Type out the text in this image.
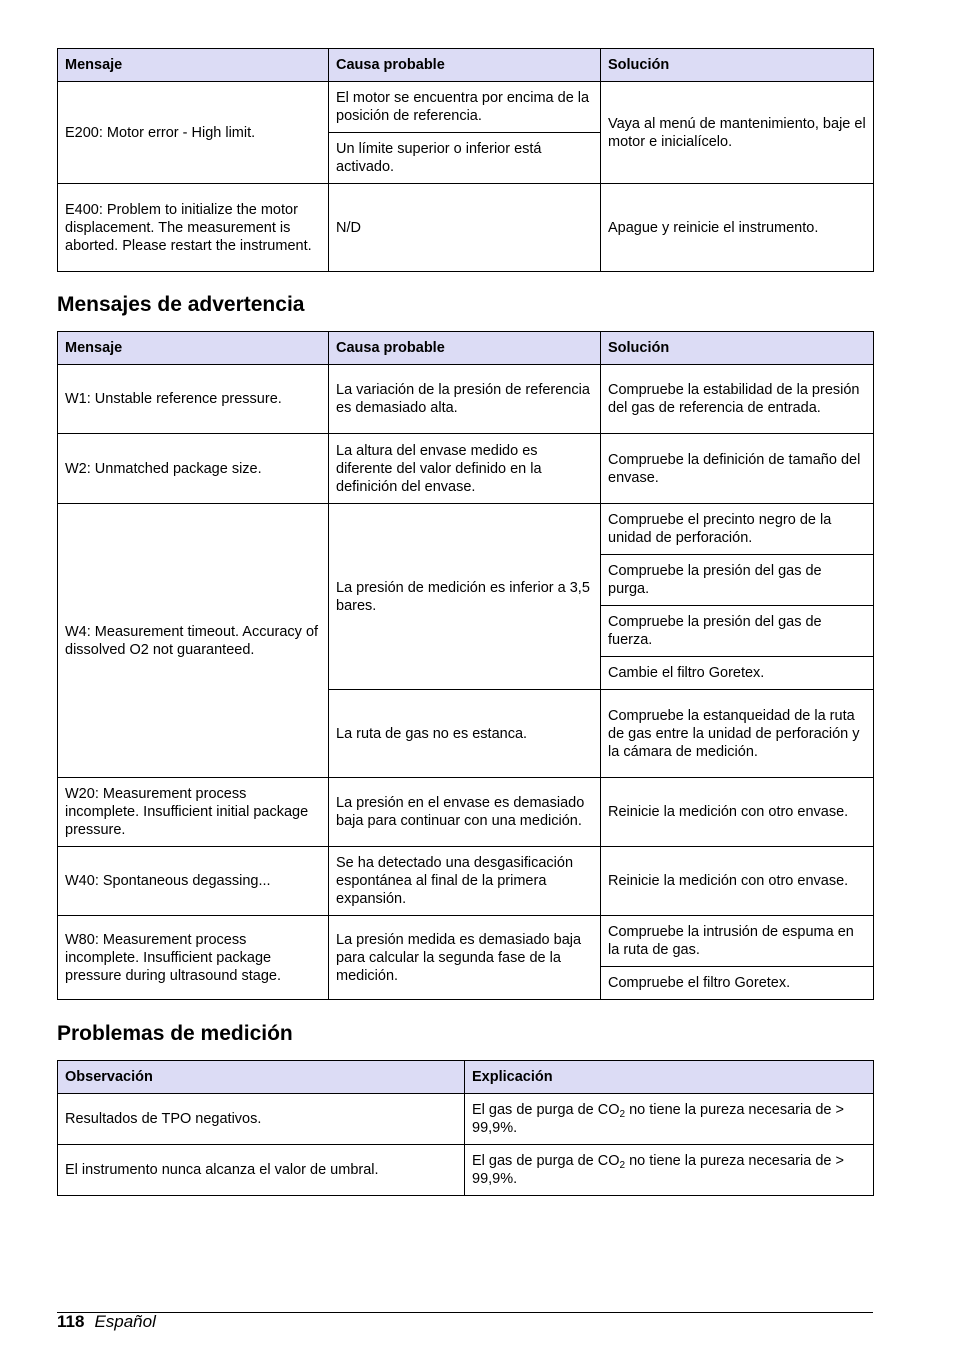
Mensaje	Causa probable	Solución
E200: Motor error - High limit.	El motor se encuentra por encima de la posición de referencia.	Vaya al menú de mantenimiento, baje el motor e inicialícelo.
	Un límite superior o inferior está activado.	
E400: Problem to initialize the motor displacement. The measurement is aborted. Please restart the instrument.	N/D	Apague y reinicie el instrumento.
Mensajes de advertencia
Mensaje	Causa probable	Solución
W1: Unstable reference pressure.	La variación de la presión de referencia es demasiado alta.	Compruebe la estabilidad de la presión del gas de referencia de entrada.
W2: Unmatched package size.	La altura del envase medido es diferente del valor definido en la definición del envase.	Compruebe la definición de tamaño del envase.
W4: Measurement timeout. Accuracy of dissolved O2 not guaranteed.	La presión de medición es inferior a 3,5 bares.	Compruebe el precinto negro de la unidad de perforación.
		Compruebe la presión del gas de purga.
		Compruebe la presión del gas de fuerza.
		Cambie el filtro Goretex.
	La ruta de gas no es estanca.	Compruebe la estanqueidad de la ruta de gas entre la unidad de perforación y la cámara de medición.
W20: Measurement process incomplete. Insufficient initial package pressure.	La presión en el envase es demasiado baja para continuar con una medición.	Reinicie la medición con otro envase.
W40: Spontaneous degassing...	Se ha detectado una desgasificación espontánea al final de la primera expansión.	Reinicie la medición con otro envase.
W80: Measurement process incomplete. Insufficient package pressure during ultrasound stage.	La presión medida es demasiado baja para calcular la segunda fase de la medición.	Compruebe la intrusión de espuma en la ruta de gas.
		Compruebe el filtro Goretex.
Problemas de medición
Observación	Explicación
Resultados de TPO negativos.	El gas de purga de $CO_2$ no tiene la pureza necesaria de > 99,9%.
El instrumento nunca alcanza el valor de umbral.	El gas de purga de $CO_2$ no tiene la pureza necesaria de > 99,9%.
118 Español
